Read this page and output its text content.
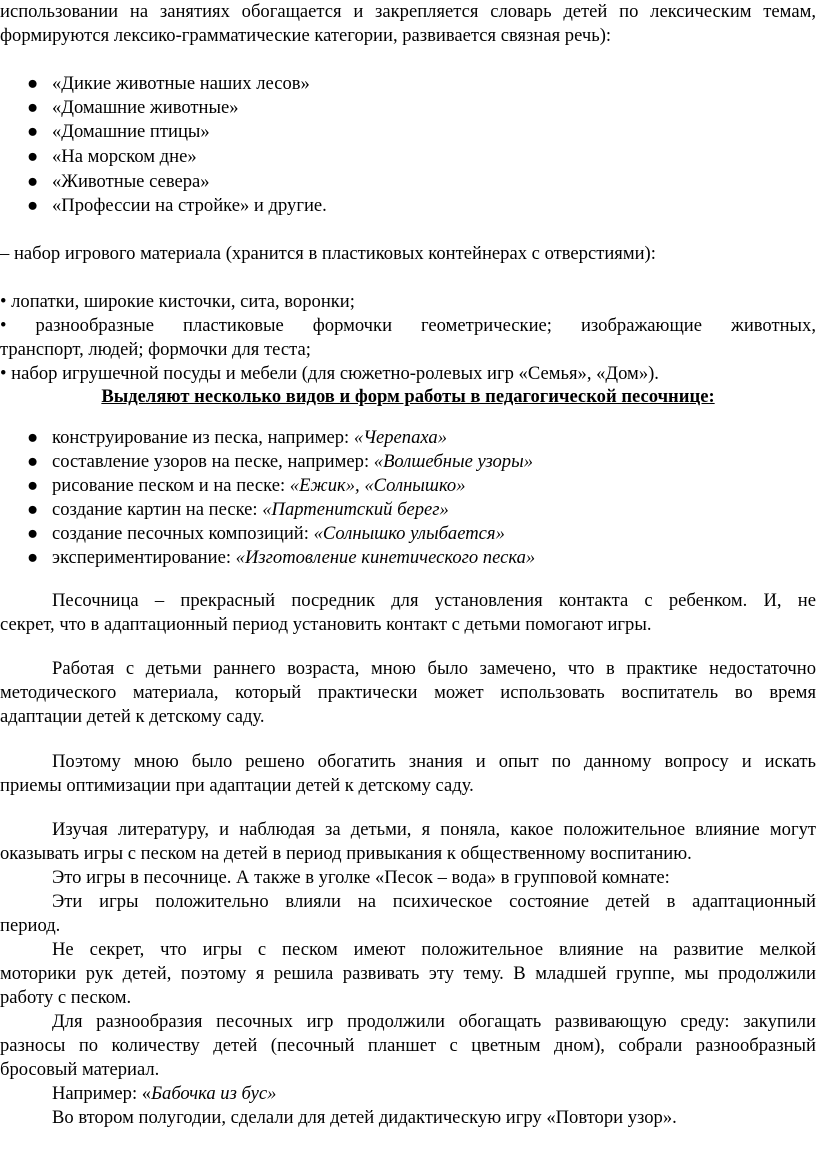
использовании на занятиях обогащается и закрепляется словарь детей по лексическим темам,
формируются лексико-грамматические категории, развивается связная речь):
● «Дикие животные наших лесов»
● «Домашние животные»
● «Домашние птицы»
● «На морском дне»
● «Животные севера»
● «Профессии на стройке» и другие.
– набор игрового материала (хранится в пластиковых контейнерах с отверстиями):
• лопатки, широкие кисточки, сита, воронки;
• разнообразные пластиковые формочки геометрические; изображающие животных,
транспорт, людей; формочки для теста;
• набор игрушечной посуды и мебели (для сюжетно-ролевых игр «Семья», «Дом»).
Выделяют несколько видов и форм работы в педагогической песочнице:
● конструирование из песка, например: «Черепаха»
● составление узоров на песке, например: «Волшебные узоры»
● рисование песком и на песке: «Ежик», «Солнышко»
● создание картин на песке: «Партенитский берег»
● создание песочных композиций: «Солнышко улыбается»
● экспериментирование: «Изготовление кинетического песка»
Песочница – прекрасный посредник для установления контакта с ребенком. И, не
секрет, что в адаптационный период установить контакт с детьми помогают игры.
Работая с детьми раннего возраста, мною было замечено, что в практике недостаточно
методического материала, который практически может использовать воспитатель во время
адаптации детей к детскому саду.
Поэтому мною было решено обогатить знания и опыт по данному вопросу и искать
приемы оптимизации при адаптации детей к детскому саду.
Изучая литературу, и наблюдая за детьми, я поняла, какое положительное влияние могут
оказывать игры с песком на детей в период привыкания к общественному воспитанию.
Это игры в песочнице. А также в уголке «Песок – вода» в групповой комнате:
Эти игры положительно влияли на психическое состояние детей в адаптационный
период.
Не секрет, что игры с песком имеют положительное влияние на развитие мелкой
моторики рук детей, поэтому я решила развивать эту тему. В младшей группе, мы продолжили
работу с песком.
Для разнообразия песочных игр продолжили обогащать развивающую среду: закупили
разносы по количеству детей (песочный планшет с цветным дном), собрали разнообразный
бросовый материал.
Например: «Бабочка из бус»
Во втором полугодии, сделали для детей дидактическую игру «Повтори узор».
